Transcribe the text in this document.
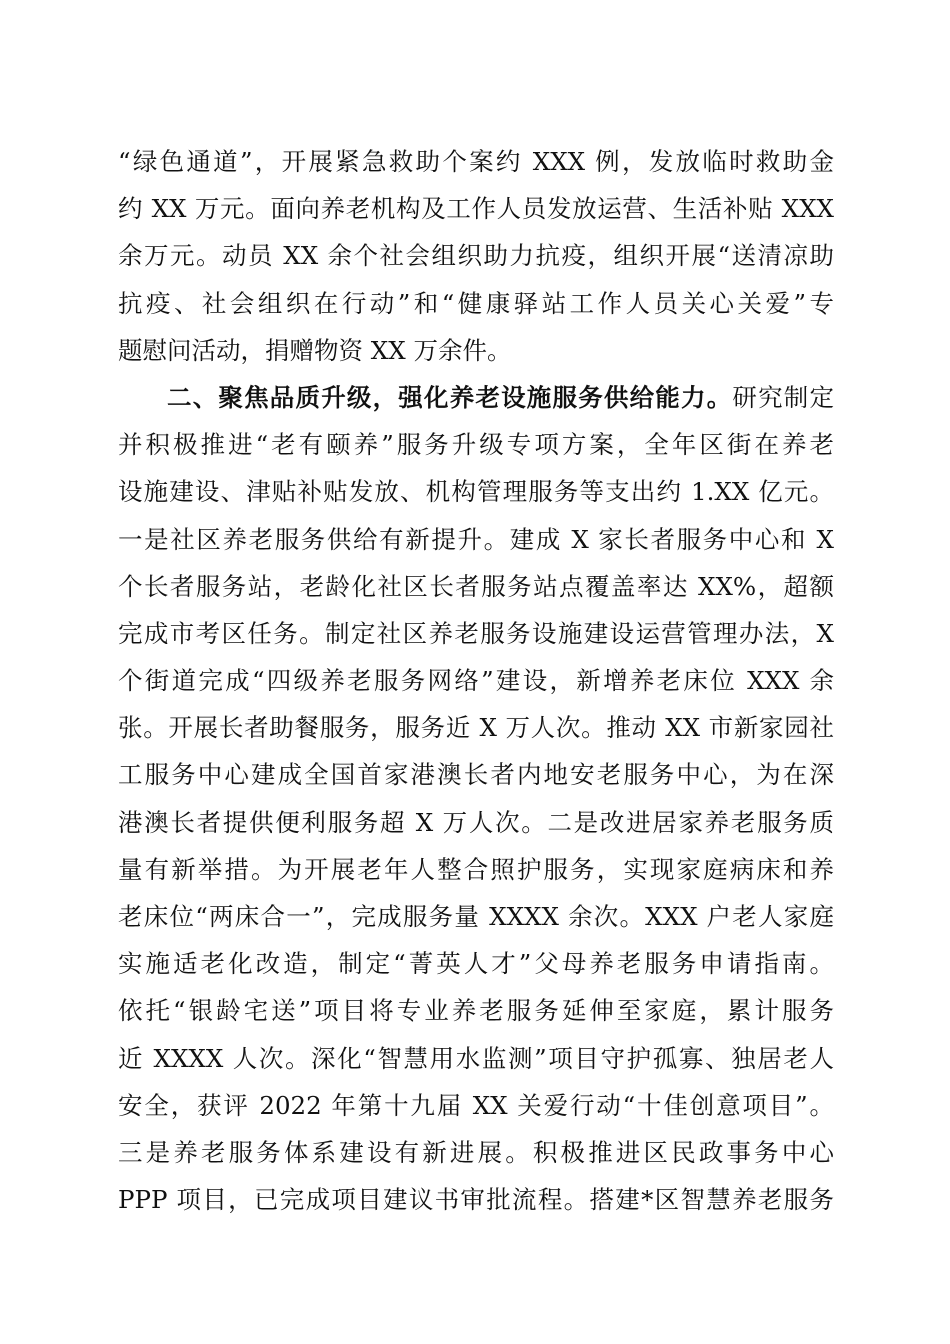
“绿色通道”，开展紧急救助个案约 XXX 例，发放临时救助金
约 XX 万元。面向养老机构及工作人员发放运营、生活补贴 XXX
余万元。动员 XX 余个社会组织助力抗疫，组织开展“送清凉助
抗疫、社会组织在行动”和“健康驿站工作人员关心关爱”专
题慰问活动，捐赠物资 XX 万余件。
二、聚焦品质升级，强化养老设施服务供给能力。研究制定
并积极推进“老有颐养”服务升级专项方案，全年区街在养老
设施建设、津贴补贴发放、机构管理服务等支出约 1.XX 亿元。
一是社区养老服务供给有新提升。建成 X 家长者服务中心和 X
个长者服务站，老龄化社区长者服务站点覆盖率达 XX%，超额
完成市考区任务。制定社区养老服务设施建设运营管理办法，X
个街道完成“四级养老服务网络”建设，新增养老床位 XXX 余
张。开展长者助餐服务，服务近 X 万人次。推动 XX 市新家园社
工服务中心建成全国首家港澳长者内地安老服务中心，为在深
港澳长者提供便利服务超 X 万人次。二是改进居家养老服务质
量有新举措。为开展老年人整合照护服务，实现家庭病床和养
老床位“两床合一”，完成服务量 XXXX 余次。XXX 户老人家庭
实施适老化改造，制定“菁英人才”父母养老服务申请指南。
依托“银龄宅送”项目将专业养老服务延伸至家庭，累计服务
近 XXXX 人次。深化“智慧用水监测”项目守护孤寡、独居老人
安全，获评 2022 年第十九届 XX 关爱行动“十佳创意项目”。
三是养老服务体系建设有新进展。积极推进区民政事务中心
PPP 项目，已完成项目建议书审批流程。搭建*区智慧养老服务
